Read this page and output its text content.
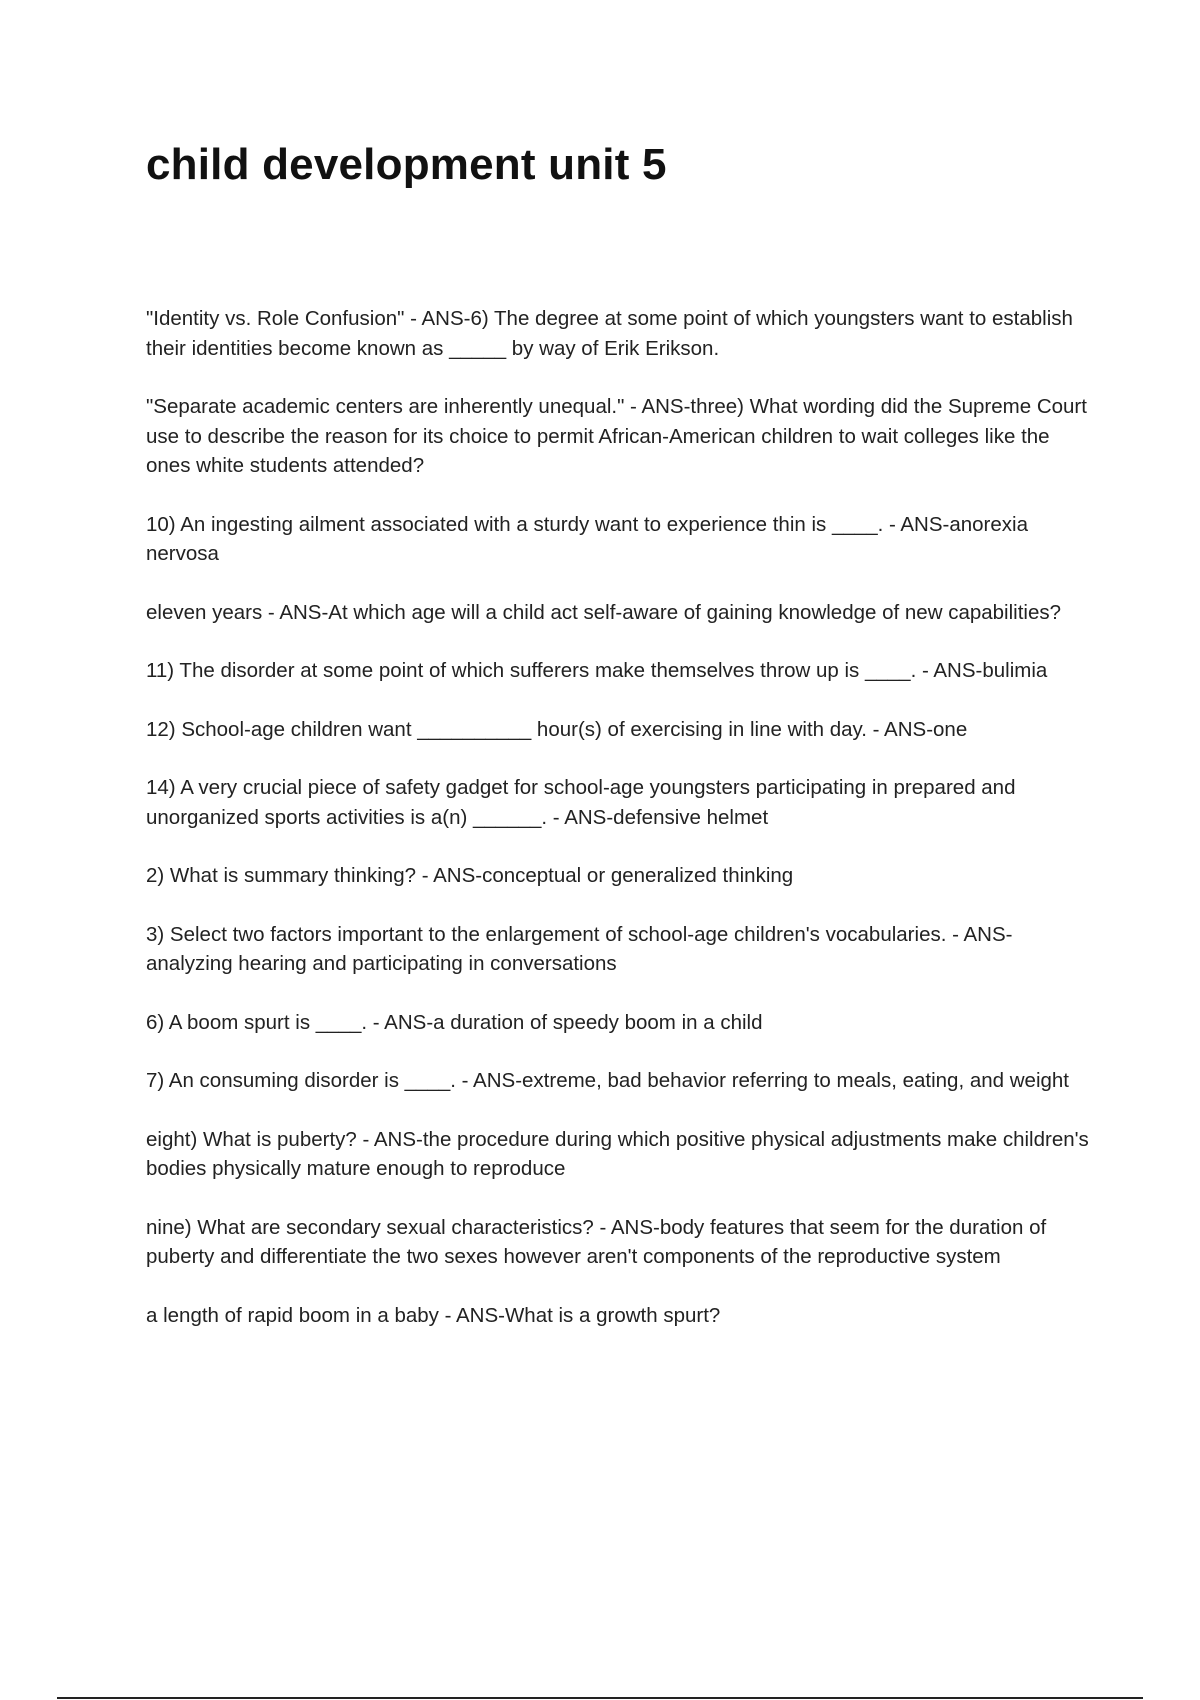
child development unit 5
"Identity vs. Role Confusion" - ANS-6) The degree at some point of which youngsters want to establish their identities become known as _____ by way of Erik Erikson.
"Separate academic centers are inherently unequal." - ANS-three) What wording did the Supreme Court use to describe the reason for its choice to permit African-American children to wait colleges like the ones white students attended?
10) An ingesting ailment associated with a sturdy want to experience thin is ____. - ANS-anorexia nervosa
eleven years - ANS-At which age will a child act self-aware of gaining knowledge of new capabilities?
11) The disorder at some point of which sufferers make themselves throw up is ____. - ANS-bulimia
12) School-age children want __________ hour(s) of exercising in line with day. - ANS-one
14) A very crucial piece of safety gadget for school-age youngsters participating in prepared and unorganized sports activities is a(n) ______. - ANS-defensive helmet
2) What is summary thinking? - ANS-conceptual or generalized thinking
3) Select two factors important to the enlargement of school-age children's vocabularies. - ANS-analyzing hearing and participating in conversations
6) A boom spurt is ____. - ANS-a duration of speedy boom in a child
7) An consuming disorder is ____. - ANS-extreme, bad behavior referring to meals, eating, and weight
eight) What is puberty? - ANS-the procedure during which positive physical adjustments make children's bodies physically mature enough to reproduce
nine) What are secondary sexual characteristics? - ANS-body features that seem for the duration of puberty and differentiate the two sexes however aren't components of the reproductive system
a length of rapid boom in a baby - ANS-What is a growth spurt?
